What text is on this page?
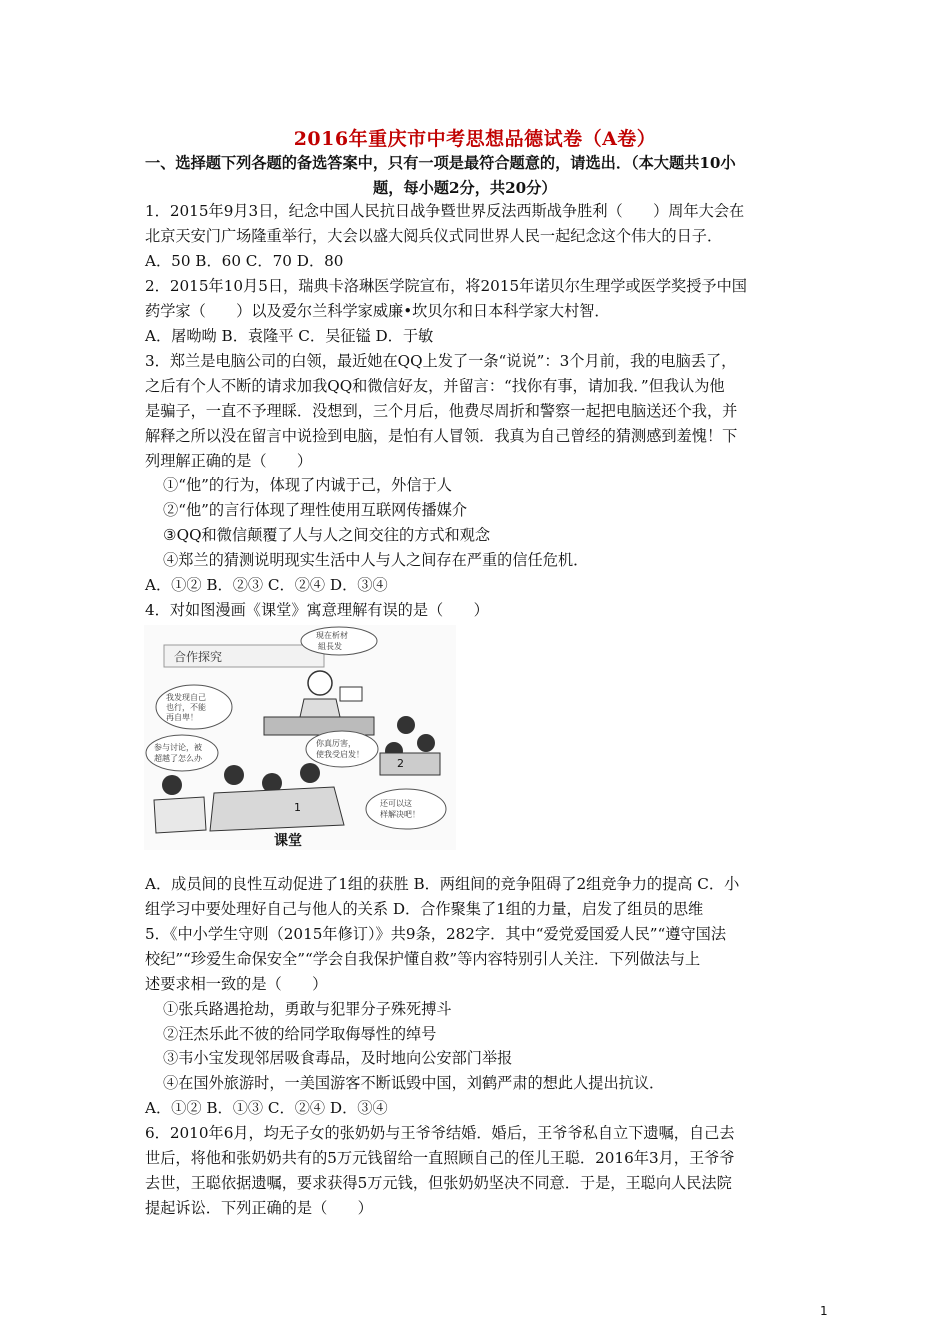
2016年重庆市中考思想品德试卷（A卷）
一、选择题下列各题的备选答案中，只有一项是最符合题意的，请选出．（本大题共10小
题，每小题2分，共20分）
1．2015年9月3日，纪念中国人民抗日战争暨世界反法西斯战争胜利（　　）周年大会在
北京天安门广场隆重举行，大会以盛大阅兵仪式同世界人民一起纪念这个伟大的日子．
A．50 B．60 C．70 D．80
2．2015年10月5日，瑞典卡洛琳医学院宣布，将2015年诺贝尔生理学或医学奖授予中国
药学家（　　）以及爱尔兰科学家威廉•坎贝尔和日本科学家大村智．
A．屠呦呦 B．袁隆平 C．吴征镒 D．于敏
3．郑兰是电脑公司的白领，最近她在QQ上发了一条“说说”：3个月前，我的电脑丢了，
之后有个人不断的请求加我QQ和微信好友，并留言：“找你有事，请加我．”但我认为他
是骗子，一直不予理睬．没想到，三个月后，他费尽周折和警察一起把电脑送还个我，并
解释之所以没在留言中说捡到电脑，是怕有人冒领．我真为自己曾经的猜测感到羞愧！下
列理解正确的是（　　）
①“他”的行为，体现了内诚于己，外信于人
②“他”的言行体现了理性使用互联网传播媒介
③QQ和微信颠覆了人与人之间交往的方式和观念
④郑兰的猜测说明现实生活中人与人之间存在严重的信任危机．
A．①② B．②③ C．②④ D．③④
4．对如图漫画《课堂》寓意理解有误的是（　　）
合作探究
現在析材
組長发
我发现自己
也行，不能
再自卑！
参与讨论，被
超越了怎么办
你真厉害，
使我受启发！
2
1	还可以这
样解决吧！
课堂
A．成员间的良性互动促进了1组的获胜 B．两组间的竞争阻碍了2组竞争力的提高 C．小
组学习中要处理好自己与他人的关系 D．合作聚集了1组的力量，启发了组员的思维
5．《中小学生守则（2015年修订）》共9条，282字．其中“爱党爱国爱人民”“遵守国法
校纪”“珍爱生命保安全”“学会自我保护懂自救”等内容特别引人关注．下列做法与上
述要求相一致的是（　　）
①张兵路遇抢劫，勇敢与犯罪分子殊死搏斗
②汪杰乐此不彼的给同学取侮辱性的绰号
③韦小宝发现邻居吸食毒品，及时地向公安部门举报
④在国外旅游时，一美国游客不断诋毁中国，刘鹤严肃的想此人提出抗议．
A．①② B．①③ C．②④ D．③④
6．2010年6月，均无子女的张奶奶与王爷爷结婚．婚后，王爷爷私自立下遗嘱，自己去
世后，将他和张奶奶共有的5万元钱留给一直照顾自己的侄儿王聪．2016年3月，王爷爷
去世，王聪依据遗嘱，要求获得5万元钱，但张奶奶坚决不同意．于是，王聪向人民法院
提起诉讼．下列正确的是（　　）
1
